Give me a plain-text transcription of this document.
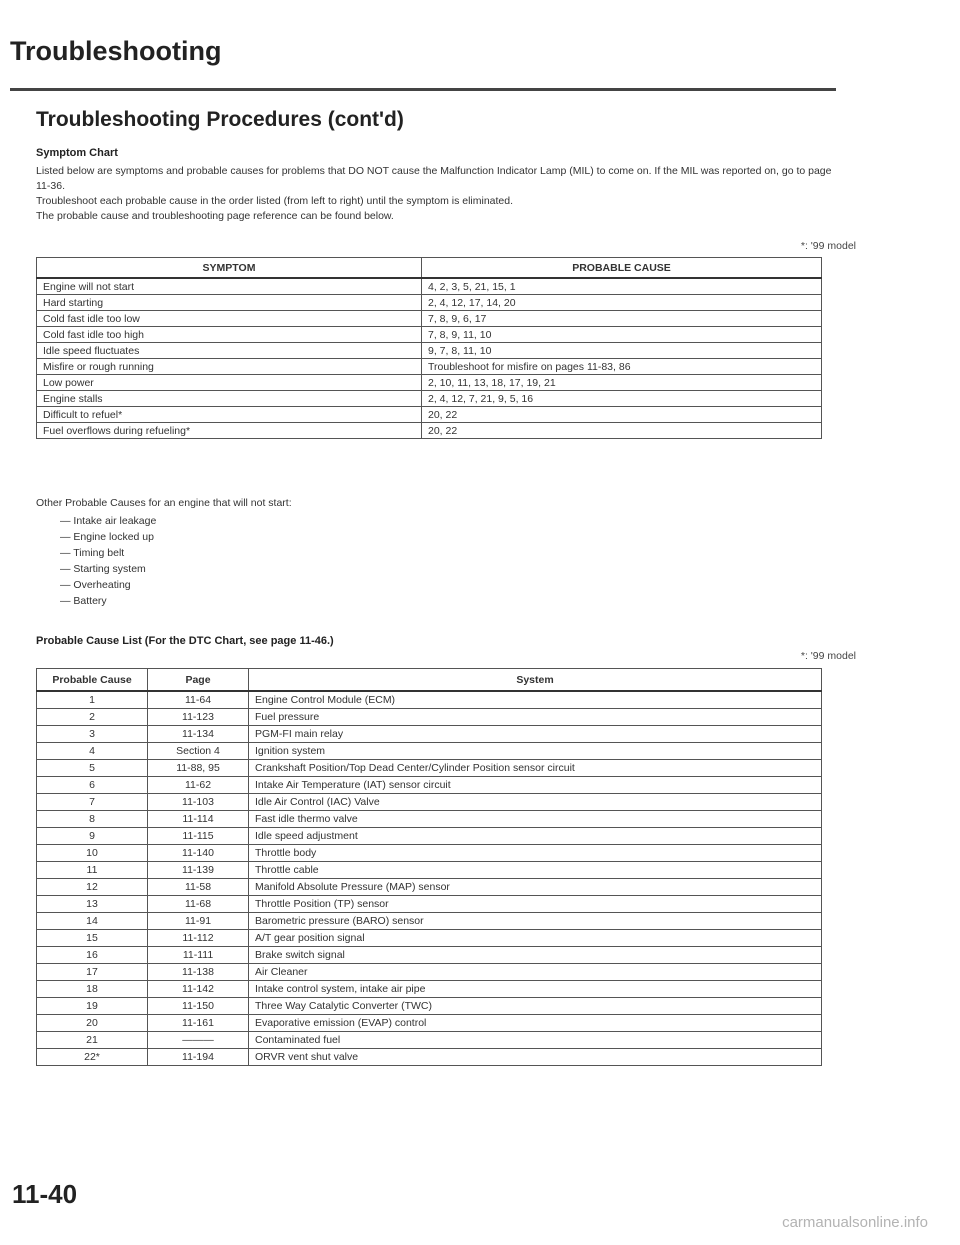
Troubleshooting
Troubleshooting Procedures (cont'd)
Symptom Chart

Listed below are symptoms and probable causes for problems that DO NOT cause the Malfunction Indicator Lamp (MIL) to come on. If the MIL was reported on, go to page 11-36.

Troubleshoot each probable cause in the order listed (from left to right) until the symptom is eliminated.

The probable cause and troubleshooting page reference can be found below.

*: '99 model
SYMPTOM	PROBABLE CAUSE
Engine will not start	4, 2, 3, 5, 21, 15, 1
Hard starting	2, 4, 12, 17, 14, 20
Cold fast idle too low	7, 8, 9, 6, 17
Cold fast idle too high	7, 8, 9, 11, 10
Idle speed fluctuates	9, 7, 8, 11, 10
Misfire or rough running	Troubleshoot for misfire on pages 11-83, 86
Low power	2, 10, 11, 13, 18, 17, 19, 21
Engine stalls	2, 4, 12, 7, 21, 9, 5, 16
Difficult to refuel*	20, 22
Fuel overflows during refueling*	20, 22
Other Probable Causes for an engine that will not start:
— Intake air leakage
— Engine locked up
— Timing belt
— Starting system
— Overheating
— Battery
Probable Cause List (For the DTC Chart, see page 11-46.)
*: '99 model
Probable Cause	Page	System
1	11-64	Engine Control Module (ECM)
2	11-123	Fuel pressure
3	11-134	PGM-FI main relay
4	Section 4	Ignition system
5	11-88, 95	Crankshaft Position/Top Dead Center/Cylinder Position sensor circuit
6	11-62	Intake Air Temperature (IAT) sensor circuit
7	11-103	Idle Air Control (IAC) Valve
8	11-114	Fast idle thermo valve
9	11-115	Idle speed adjustment
10	11-140	Throttle body
11	11-139	Throttle cable
12	11-58	Manifold Absolute Pressure (MAP) sensor
13	11-68	Throttle Position (TP) sensor
14	11-91	Barometric pressure (BARO) sensor
15	11-112	A/T gear position signal
16	11-111	Brake switch signal
17	11-138	Air Cleaner
18	11-142	Intake control system, intake air pipe
19	11-150	Three Way Catalytic Converter (TWC)
20	11-161	Evaporative emission (EVAP) control
21	———	Contaminated fuel
22*	11-194	ORVR vent shut valve
11-40
carmanualsonline.info
